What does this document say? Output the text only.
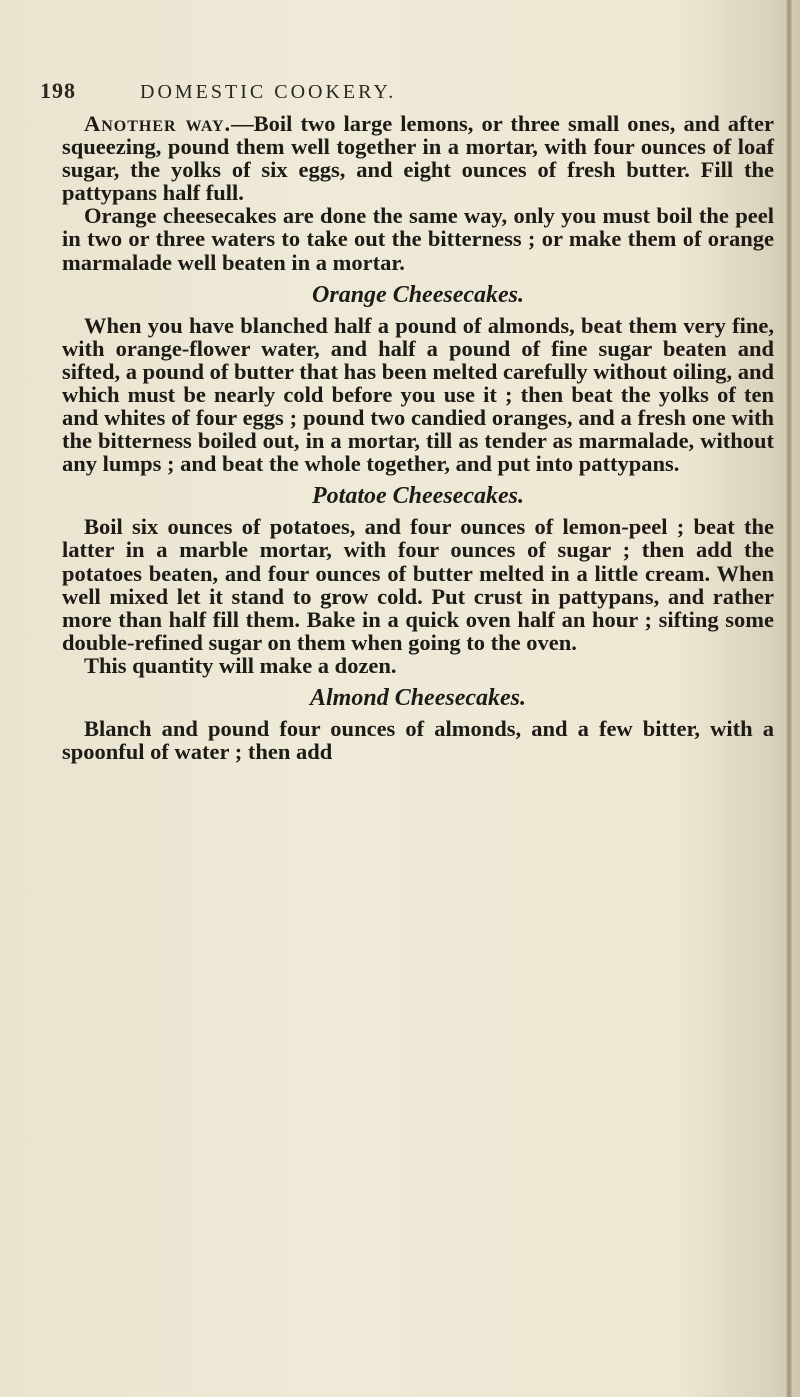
198	DOMESTIC COOKERY.

Another way.—Boil two large lemons, or three small ones, and after squeezing, pound them well together in a mortar, with four ounces of loaf sugar, the yolks of six eggs, and eight ounces of fresh butter. Fill the pattypans half full.

Orange cheesecakes are done the same way, only you must boil the peel in two or three waters to take out the bitterness ; or make them of orange marmalade well beaten in a mortar.

Orange Cheesecakes.

When you have blanched half a pound of almonds, beat them very fine, with orange-flower water, and half a pound of fine sugar beaten and sifted, a pound of butter that has been melted carefully without oiling, and which must be nearly cold before you use it ; then beat the yolks of ten and whites of four eggs ; pound two candied oranges, and a fresh one with the bitterness boiled out, in a mortar, till as tender as marmalade, without any lumps ; and beat the whole together, and put into pattypans.

Potatoe Cheesecakes.

Boil six ounces of potatoes, and four ounces of lemon-peel ; beat the latter in a marble mortar, with four ounces of sugar ; then add the potatoes beaten, and four ounces of butter melted in a little cream. When well mixed let it stand to grow cold. Put crust in pattypans, and rather more than half fill them. Bake in a quick oven half an hour ; sifting some double-refined sugar on them when going to the oven.

This quantity will make a dozen.

Almond Cheesecakes.

Blanch and pound four ounces of almonds, and a few bitter, with a spoonful of water ; then add
